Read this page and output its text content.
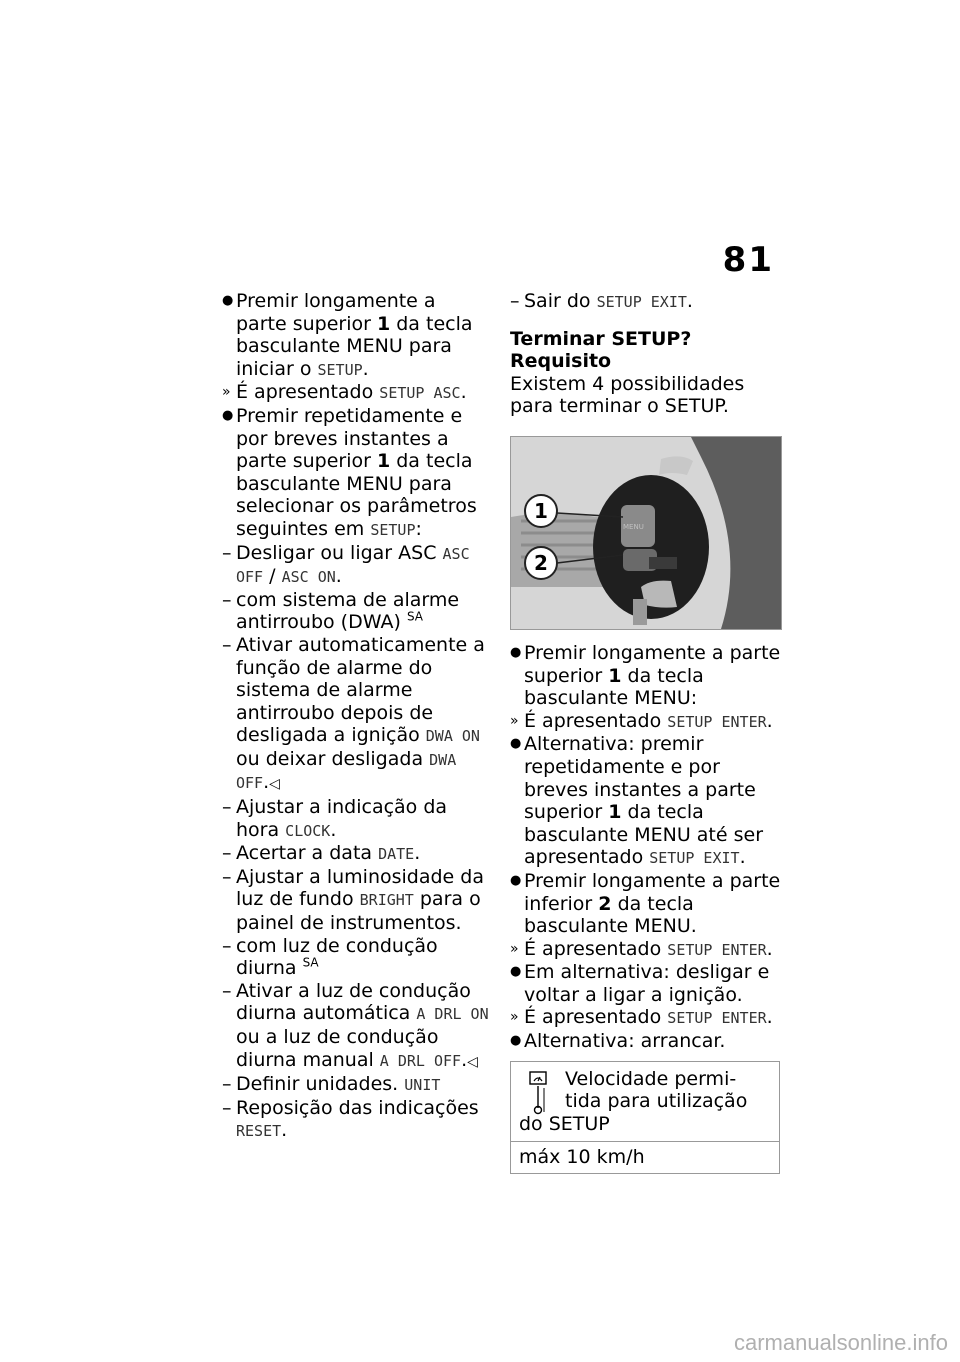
81
● Premir longamente a parte superior 1 da tecla basculante MENU para iniciar o SETUP.
» É apresentado SETUP ASC.
● Premir repetidamente e por breves instantes a parte superior 1 da tecla basculante MENU para selecionar os parâmetros seguintes em SETUP:
– Desligar ou ligar ASC ASC OFF / ASC ON.
– com sistema de alarme antirroubo (DWA) $^{SA}$
– Ativar automaticamente a função de alarme do sistema de alarme antirroubo depois de desligada a ignição DWA ON ou deixar desligada DWA OFF.◁
– Ajustar a indicação da hora CLOCK.
– Acertar a data DATE.
– Ajustar a luminosidade da luz de fundo BRIGHT para o painel de instrumentos.
– com luz de condução diurna $^{SA}$
– Ativar a luz de condução diurna automática A DRL ON ou a luz de condução diurna manual A DRL OFF.◁
– Definir unidades. UNIT
– Reposição das indicações RESET.
– Sair do SETUP EXIT.
Terminar SETUP?
Requisito
Existem 4 possibilidades para terminar o SETUP.
MENU
1
2
● Premir longamente a parte superior 1 da tecla basculante MENU:
» É apresentado SETUP ENTER.
● Alternativa: premir repetidamente e por breves instantes a parte superior 1 da tecla basculante MENU até ser apresentado SETUP EXIT.
● Premir longamente a parte inferior 2 da tecla basculante MENU.
» É apresentado SETUP ENTER.
● Em alternativa: desligar e voltar a ligar a ignição.
» É apresentado SETUP ENTER.
● Alternativa: arrancar.
Velocidade permi-
tida para utilização
do SETUP
máx 10 km/h
carmanualsonline.info
